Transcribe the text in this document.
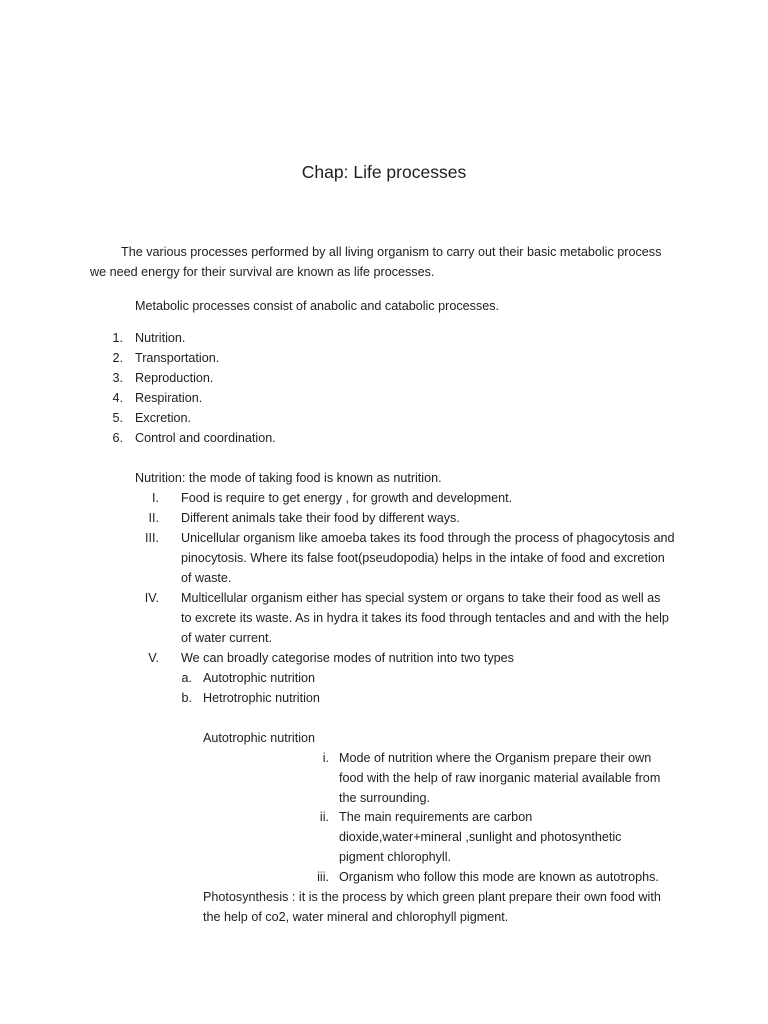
Chap: Life processes
The various processes performed by all living organism to carry out their basic metabolic process
we need energy for their survival are known as life processes.
Metabolic processes consist of anabolic and catabolic processes.
1. Nutrition.
2. Transportation.
3. Reproduction.
4. Respiration.
5. Excretion.
6. Control and coordination.
Nutrition: the mode of taking food is known as nutrition.
I. Food is require to get energy , for growth and development.
II. Different animals take their food by different ways.
III. Unicellular organism like amoeba takes its food through the process of phagocytosis and
pinocytosis. Where its false foot(pseudopodia) helps in the intake of food and excretion
of waste.
IV. Multicellular organism either has special system or organs to take their food as well as
to excrete its waste. As in hydra it takes its food through tentacles and and with the help
of water current.
V. We can broadly categorise modes of nutrition into two types
a. Autotrophic nutrition
b. Hetrotrophic nutrition
Autotrophic nutrition
i. Mode of nutrition where the Organism prepare their own
food with the help of raw inorganic material available from
the surrounding.
ii. The main requirements are carbon
dioxide,water+mineral ,sunlight and photosynthetic
pigment chlorophyll.
iii. Organism who follow this mode are known as autotrophs.
Photosynthesis : it is the process by which green plant prepare their own food with
the help of co2, water mineral and chlorophyll pigment.
